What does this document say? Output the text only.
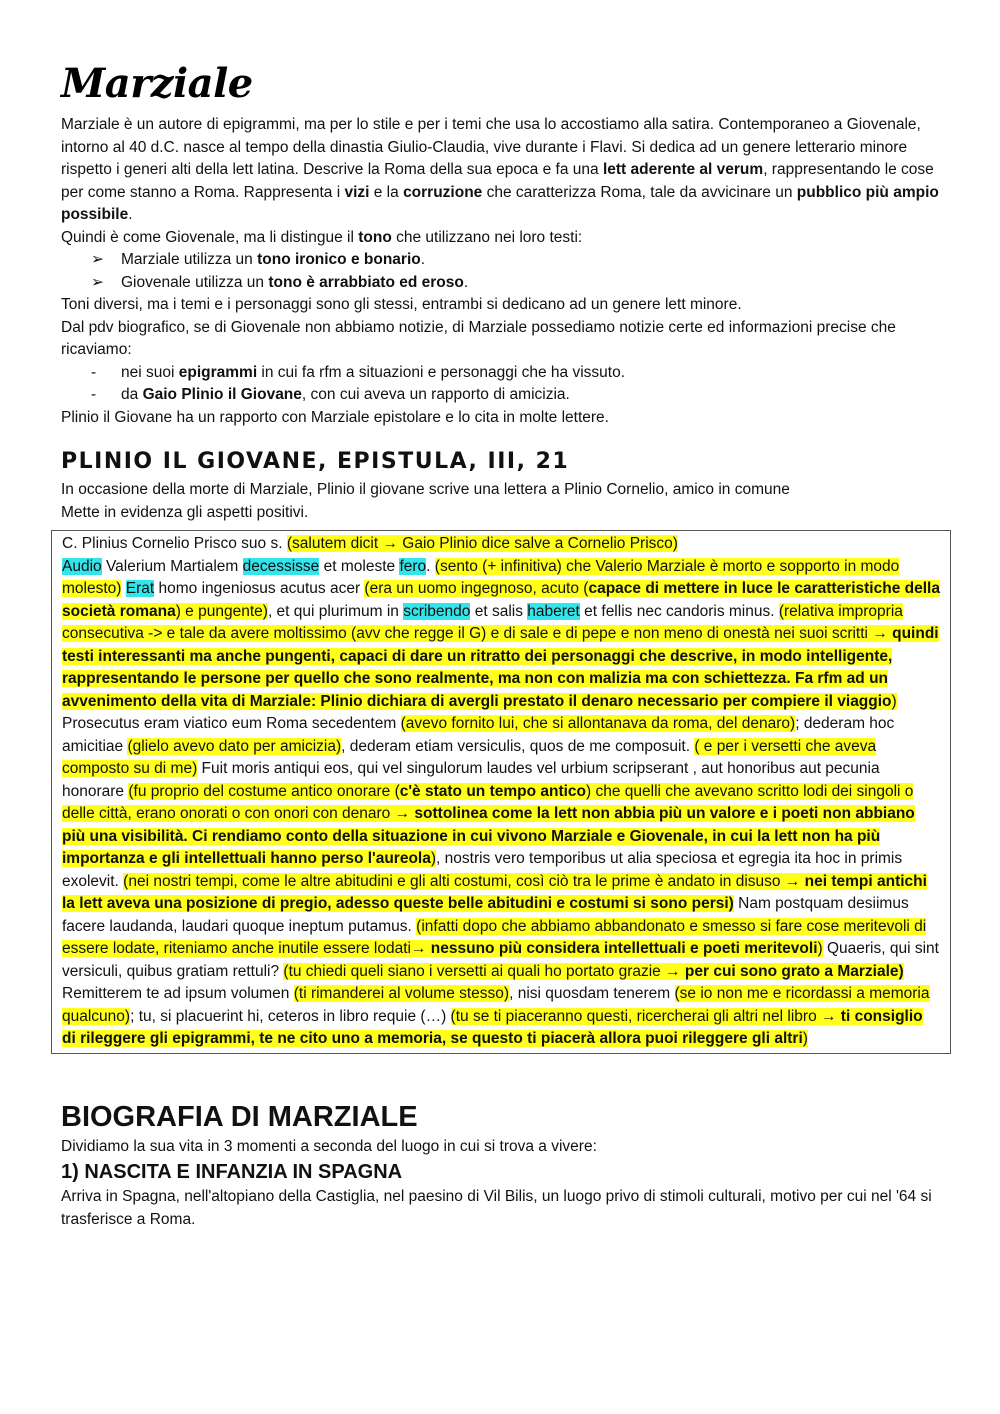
Marziale

Marziale è un autore di epigrammi, ma per lo stile e per i temi che usa lo accostiamo alla satira. Contemporaneo a Giovenale, intorno al 40 d.C. nasce al tempo della dinastia Giulio-Claudia, vive durante i Flavi. Si dedica ad un genere letterario minore rispetto i generi alti della lett latina. Descrive la Roma della sua epoca e fa una lett aderente al verum, rappresentando le cose per come stanno a Roma. Rappresenta i vizi e la corruzione che caratterizza Roma, tale da avvicinare un pubblico più ampio possibile.

Quindi è come Giovenale, ma li distingue il tono che utilizzano nei loro testi:

➢ Marziale utilizza un tono ironico e bonario.
➢ Giovenale utilizza un tono è arrabbiato ed eroso.

Toni diversi, ma i temi e i personaggi sono gli stessi, entrambi si dedicano ad un genere lett minore.

Dal pdv biografico, se di Giovenale non abbiamo notizie, di Marziale possediamo notizie certe ed informazioni precise che ricaviamo:

- nei suoi epigrammi in cui fa rfm a situazioni e personaggi che ha vissuto.
- da Gaio Plinio il Giovane, con cui aveva un rapporto di amicizia.

Plinio il Giovane ha un rapporto con Marziale epistolare e lo cita in molte lettere.

PLINIO IL GIOVANE, EPISTULA, III, 21

In occasione della morte di Marziale, Plinio il giovane scrive una lettera a Plinio Cornelio, amico in comune

Mette in evidenza gli aspetti positivi.

C. Plinius Cornelio Prisco suo s. (salutem dicit → Gaio Plinio dice salve a Cornelio Prisco)

Audio Valerium Martialem decessisse et moleste fero. (sento (+ infinitiva) che Valerio Marziale è morto e sopporto in modo molesto) Erat homo ingeniosus acutus acer (era un uomo ingegnoso, acuto (capace di mettere in luce le caratteristiche della società romana) e pungente), et qui plurimum in scribendo et salis haberet et fellis nec candoris minus. (relativa impropria consecutiva -> e tale da avere moltissimo (avv che regge il G) e di sale e di pepe e non meno di onestà nei suoi scritti → quindi testi interessanti ma anche pungenti, capaci di dare un ritratto dei personaggi che descrive, in modo intelligente, rappresentando le persone per quello che sono realmente, ma non con malizia ma con schiettezza. Fa rfm ad un avvenimento della vita di Marziale: Plinio dichiara di avergli prestato il denaro necessario per compiere il viaggio)

Prosecutus eram viatico eum Roma secedentem (avevo fornito lui, che si allontanava da roma, del denaro); dederam hoc amicitiae (glielo avevo dato per amicizia), dederam etiam versiculis, quos de me composuit. ( e per i versetti che aveva composto su di me) Fuit moris antiqui eos, qui vel singulorum laudes vel urbium scripserant , aut honoribus aut pecunia honorare (fu proprio del costume antico onorare (c'è stato un tempo antico) che quelli che avevano scritto lodi dei singoli o delle città, erano onorati o con onori con denaro → sottolinea come la lett non abbia più un valore e i poeti non abbiano più una visibilità. Ci rendiamo conto della situazione in cui vivono Marziale e Giovenale, in cui la lett non ha più importanza e gli intellettuali hanno perso l'aureola), nostris vero temporibus ut alia speciosa et egregia ita hoc in primis exolevit. (nei nostri tempi, come le altre abitudini e gli alti costumi, così ciò tra le prime è andato in disuso → nei tempi antichi la lett aveva una posizione di pregio, adesso queste belle abitudini e costumi si sono persi) Nam postquam desiimus facere laudanda, laudari quoque ineptum putamus. (infatti dopo che abbiamo abbandonato e smesso si fare cose meritevoli di essere lodate, riteniamo anche inutile essere lodati→ nessuno più considera intellettuali e poeti meritevoli) Quaeris, qui sint versiculi, quibus gratiam rettuli? (tu chiedi queli siano i versetti ai quali ho portato grazie → per cui sono grato a Marziale)

Remitterem te ad ipsum volumen (ti rimanderei al volume stesso), nisi quosdam tenerem (se io non me e ricordassi a memoria qualcuno); tu, si placuerint hi, ceteros in libro requie (…) (tu se ti piaceranno questi, ricercherai gli altri nel libro → ti consiglio di rileggere gli epigrammi, te ne cito uno a memoria, se questo ti piacerà allora puoi rileggere gli altri)

BIOGRAFIA DI MARZIALE

Dividiamo la sua vita in 3 momenti a seconda del luogo in cui si trova a vivere:

1) NASCITA E INFANZIA IN SPAGNA

Arriva in Spagna, nell'altopiano della Castiglia, nel paesino di Vil Bilis, un luogo privo di stimoli culturali, motivo per cui nel '64 si trasferisce a Roma.
